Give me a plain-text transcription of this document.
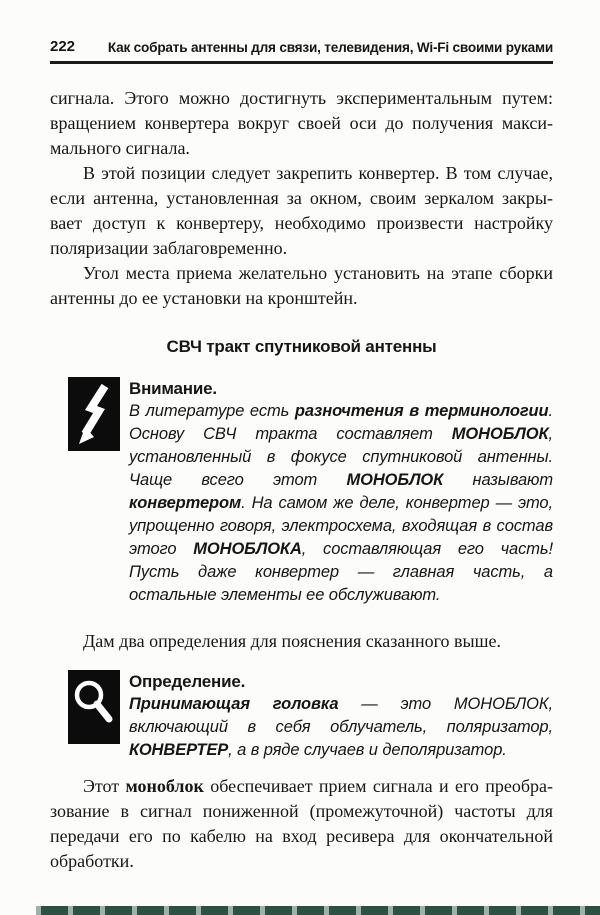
222 Как собрать антенны для связи, телевидения, Wi-Fi своими руками

сигнала. Этого можно достигнуть экспериментальным путем: вращением конвертера вокруг своей оси до получения максимального сигнала.

В этой позиции следует закрепить конвертер. В том случае, если антенна, установленная за окном, своим зеркалом закрывает доступ к конвертеру, необходимо произвести настройку поляризации заблаговременно.

Угол места приема желательно установить на этапе сборки антенны до ее установки на кронштейн.

СВЧ тракт спутниковой антенны
Внимание.
В литературе есть разночтения в терминологии. Основу СВЧ тракта составляет МОНОБЛОК, установленный в фокусе спутниковой антенны. Чаще всего этот МОНОБЛОК называют конвертером. На самом же деле, конвертер — это, упрощенно говоря, электросхема, входящая в состав этого МОНОБЛОКА, составляющая его часть! Пусть даже конвертер — главная часть, а остальные элементы ее обслуживают.

Дам два определения для пояснения сказанного выше.

Определение.
Принимающая головка — это МОНОБЛОК, включающий в себя облучатель, поляризатор, КОНВЕРТЕР, а в ряде случаев и деполяризатор.

Этот моноблок обеспечивает прием сигнала и его преобразование в сигнал пониженной (промежуточной) частоты для передачи его по кабелю на вход ресивера для окончательной обработки.
